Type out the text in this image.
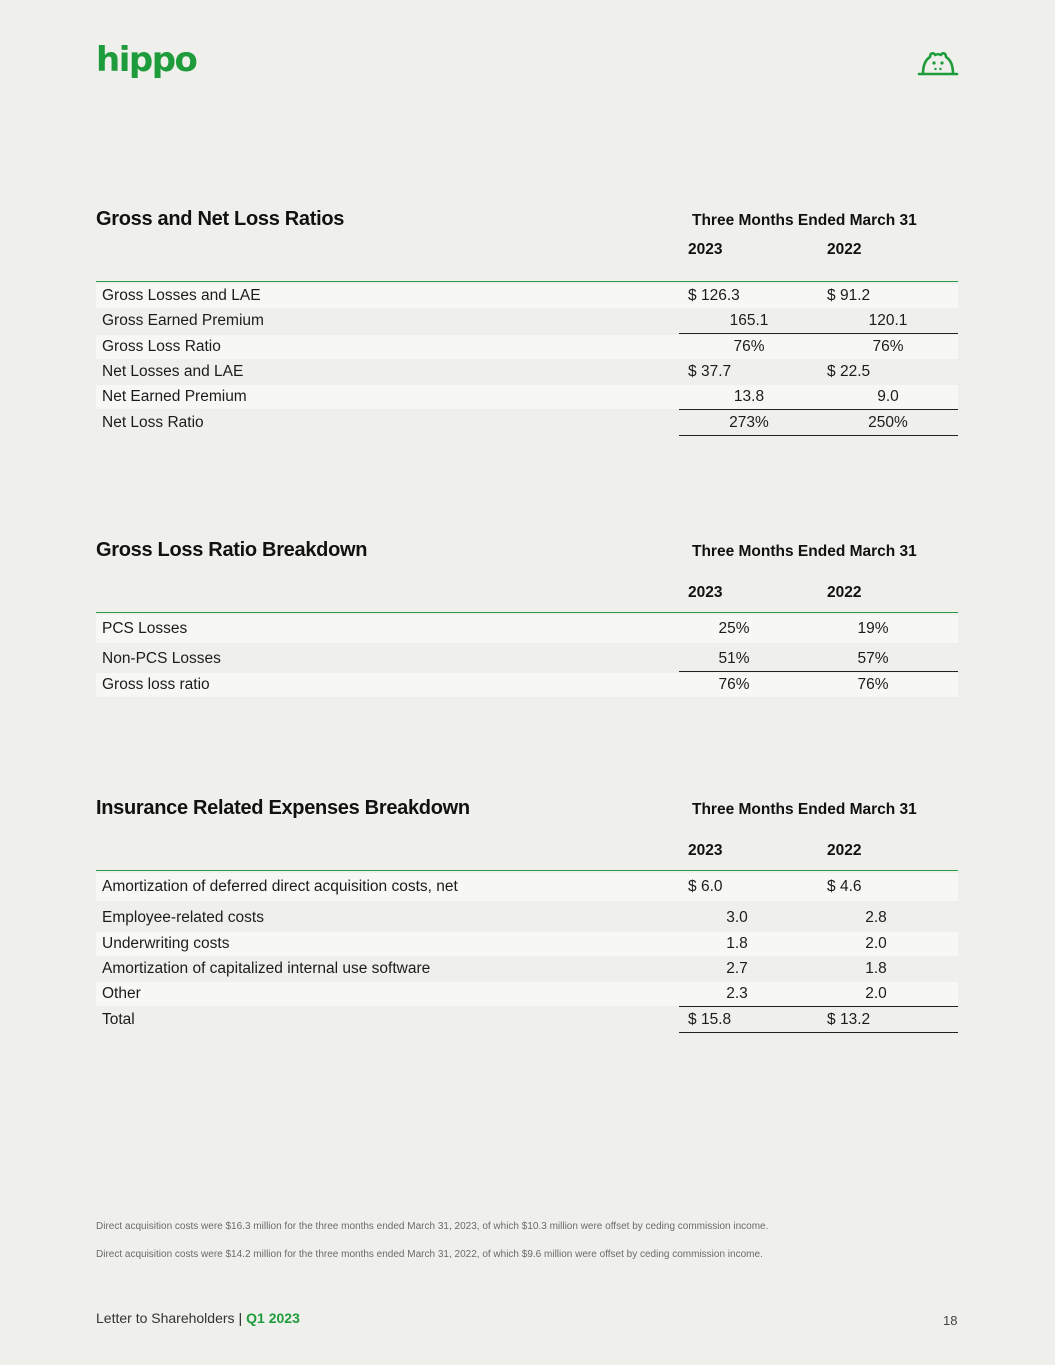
hippo
Gross and Net Loss Ratios	Three Months Ended March 31
2023	2022
Gross Losses and LAE	$ 126.3	$ 91.2
Gross Earned Premium	165.1	120.1
Gross Loss Ratio	76%	76%
Net Losses and LAE	$ 37.7	$ 22.5
Net Earned Premium	13.8	9.0
Net Loss Ratio	273%	250%
Gross Loss Ratio Breakdown	Three Months Ended March 31
2023	2022
PCS Losses	25%	19%
Non-PCS Losses	51%	57%
Gross loss ratio	76%	76%
Insurance Related Expenses Breakdown	Three Months Ended March 31
2023	2022
Amortization of deferred direct acquisition costs, net	$ 6.0	$ 4.6
Employee-related costs	3.0	2.8
Underwriting costs	1.8	2.0
Amortization of capitalized internal use software	2.7	1.8
Other	2.3	2.0
Total	$ 15.8	$ 13.2
Direct acquisition costs were $16.3 million for the three months ended March 31, 2023, of which $10.3 million were offset by ceding commission income.
Direct acquisition costs were $14.2 million for the three months ended March 31, 2022, of which $9.6 million were offset by ceding commission income.
Letter to Shareholders | Q1 2023	18
